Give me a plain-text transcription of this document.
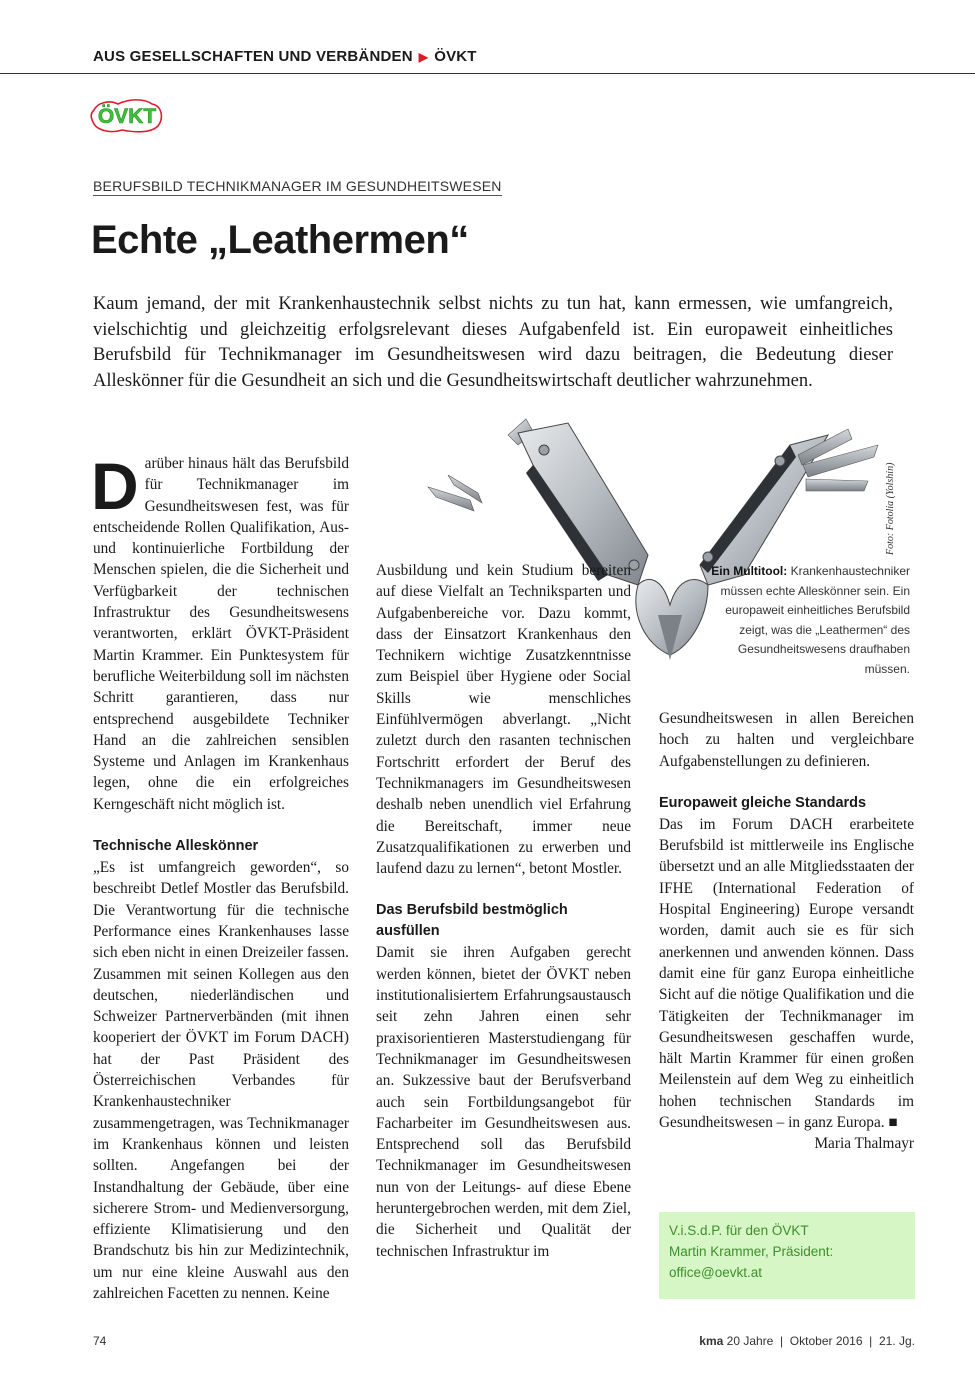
AUS GESELLSCHAFTEN UND VERBÄNDEN ▶ ÖVKT
ÖVKT
BERUFSBILD TECHNIKMANAGER IM GESUNDHEITSWESEN
Echte „Leathermen“

Kaum jemand, der mit Krankenhaustechnik selbst nichts zu tun hat, kann ermessen, wie umfangreich, vielschichtig und gleichzeitig erfolgsrelevant dieses Aufgabenfeld ist. Ein europaweit einheitliches Berufsbild für Technikmanager im Gesundheitswesen wird dazu beitragen, die Bedeutung dieser Alleskönner für die Gesundheit an sich und die Gesundheitswirtschaft deutlicher wahrzunehmen.

Foto: Fotolia (Yolshin)
Ein Multitool: Krankenhaustechniker müssen echte Alleskönner sein. Ein europaweit einheitliches Berufsbild zeigt, was die „Leathermen“ des Gesundheitswesens draufhaben müssen.

Darüber hinaus hält das Berufsbild für Technikmanager im Gesundheitswesen fest, was für entscheidende Rollen Qualifikation, Aus- und kontinuierliche Fortbildung der Menschen spielen, die die Sicherheit und Verfügbarkeit der technischen Infrastruktur des Gesundheitswesens verantworten, erklärt ÖVKT-Präsident Martin Krammer. Ein Punktesystem für berufliche Weiterbildung soll im nächsten Schritt garantieren, dass nur entsprechend ausgebildete Techniker Hand an die zahlreichen sensiblen Systeme und Anlagen im Krankenhaus legen, ohne die ein erfolgreiches Kerngeschäft nicht möglich ist.

Technische Alleskönner

„Es ist umfangreich geworden“, so beschreibt Detlef Mostler das Berufsbild. Die Verantwortung für die technische Performance eines Krankenhauses lasse sich eben nicht in einen Dreizeiler fassen. Zusammen mit seinen Kollegen aus den deutschen, niederländischen und Schweizer Partnerverbänden (mit ihnen kooperiert der ÖVKT im Forum DACH) hat der Past Präsident des Österreichischen Verbandes für Krankenhaustechniker zusammengetragen, was Technikmanager im Krankenhaus können und leisten sollten. Angefangen bei der Instandhaltung der Gebäude, über eine sicherere Strom- und Medienversorgung, effiziente Klimatisierung und den Brandschutz bis hin zur Medizintechnik, um nur eine kleine Auswahl aus den zahlreichen Facetten zu nennen. Keine

Ausbildung und kein Studium bereiten auf diese Vielfalt an Techniksparten und Aufgabenbereiche vor. Dazu kommt, dass der Einsatzort Krankenhaus den Technikern wichtige Zusatzkenntnisse zum Beispiel über Hygiene oder Social Skills wie menschliches Einfühlvermögen abverlangt. „Nicht zuletzt durch den rasanten technischen Fortschritt erfordert der Beruf des Technikmanagers im Gesundheitswesen deshalb neben unendlich viel Erfahrung die Bereitschaft, immer neue Zusatzqualifikationen zu erwerben und laufend dazu zu lernen“, betont Mostler.

Das Berufsbild bestmöglich ausfüllen

Damit sie ihren Aufgaben gerecht werden können, bietet der ÖVKT neben institutionalisiertem Erfahrungsaustausch seit zehn Jahren einen sehr praxisorientieren Masterstudiengang für Technikmanager im Gesundheitswesen an. Sukzessive baut der Berufsverband auch sein Fortbildungsangebot für Facharbeiter im Gesundheitswesen aus. Entsprechend soll das Berufsbild Technikmanager im Gesundheitswesen nun von der Leitungs- auf diese Ebene heruntergebrochen werden, mit dem Ziel, die Sicherheit und Qualität der technischen Infrastruktur im

Gesundheitswesen in allen Bereichen hoch zu halten und vergleichbare Aufgabenstellungen zu definieren.

Europaweit gleiche Standards

Das im Forum DACH erarbeitete Berufsbild ist mittlerweile ins Englische übersetzt und an alle Mitgliedsstaaten der IFHE (International Federation of Hospital Engineering) Europe versandt worden, damit auch sie es für sich anerkennen und anwenden können. Dass damit eine für ganz Europa einheitliche Sicht auf die nötige Qualifikation und die Tätigkeiten der Technikmanager im Gesundheitswesen geschaffen wurde, hält Martin Krammer für einen großen Meilenstein auf dem Weg zu einheitlich hohen technischen Standards im Gesundheitswesen – in ganz Europa. ■

Maria Thalmayr
V.i.S.d.P. für den ÖVKT
Martin Krammer, Präsident:
office@oevkt.at
74	kma 20 Jahre  |  Oktober 2016  |  21. Jg.
